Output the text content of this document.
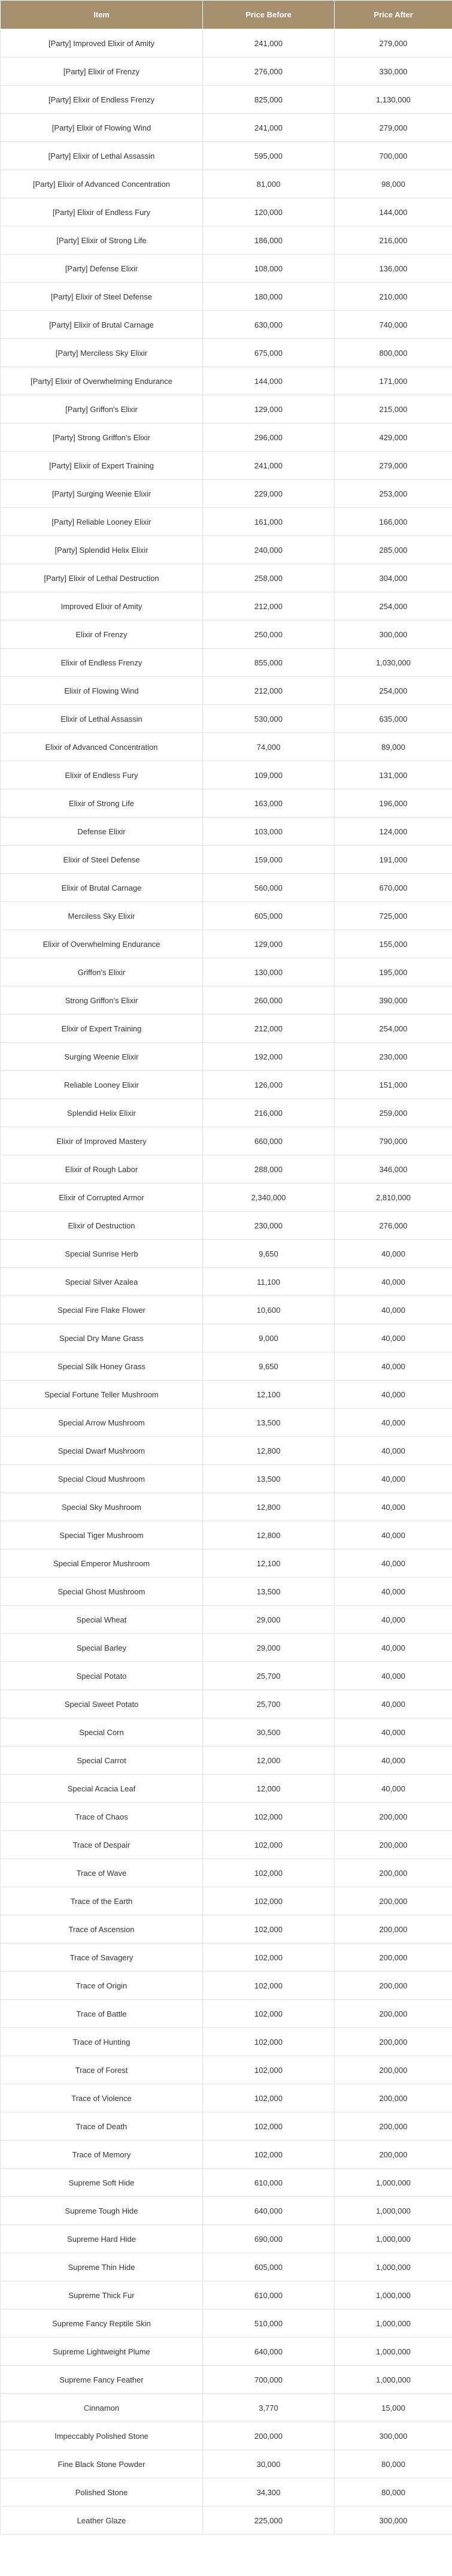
Item	Price Before	Price After
[Party] Improved Elixir of Amity	241,000	279,000
[Party] Elixir of Frenzy	276,000	330,000
[Party] Elixir of Endless Frenzy	825,000	1,130,000
[Party] Elixir of Flowing Wind	241,000	279,000
[Party] Elixir of Lethal Assassin	595,000	700,000
[Party] Elixir of Advanced Concentration	81,000	98,000
[Party] Elixir of Endless Fury	120,000	144,000
[Party] Elixir of Strong Life	186,000	216,000
[Party] Defense Elixir	108,000	136,000
[Party] Elixir of Steel Defense	180,000	210,000
[Party] Elixir of Brutal Carnage	630,000	740,000
[Party] Merciless Sky Elixir	675,000	800,000
[Party] Elixir of Overwhelming Endurance	144,000	171,000
[Party] Griffon's Elixir	129,000	215,000
[Party] Strong Griffon's Elixir	296,000	429,000
[Party] Elixir of Expert Training	241,000	279,000
[Party] Surging Weenie Elixir	229,000	253,000
[Party] Reliable Looney Elixir	161,000	166,000
[Party] Splendid Helix Elixir	240,000	285,000
[Party] Elixir of Lethal Destruction	258,000	304,000
Improved Elixir of Amity	212,000	254,000
Elixir of Frenzy	250,000	300,000
Elixir of Endless Frenzy	855,000	1,030,000
Elixir of Flowing Wind	212,000	254,000
Elixir of Lethal Assassin	530,000	635,000
Elixir of Advanced Concentration	74,000	89,000
Elixir of Endless Fury	109,000	131,000
Elixir of Strong Life	163,000	196,000
Defense Elixir	103,000	124,000
Elixir of Steel Defense	159,000	191,000
Elixir of Brutal Carnage	560,000	670,000
Merciless Sky Elixir	605,000	725,000
Elixir of Overwhelming Endurance	129,000	155,000
Griffon's Elixir	130,000	195,000
Strong Griffon's Elixir	260,000	390,000
Elixir of Expert Training	212,000	254,000
Surging Weenie Elixir	192,000	230,000
Reliable Looney Elixir	126,000	151,000
Splendid Helix Elixir	216,000	259,000
Elixir of Improved Mastery	660,000	790,000
Elixir of Rough Labor	288,000	346,000
Elixir of Corrupted Armor	2,340,000	2,810,000
Elixir of Destruction	230,000	276,000
Special Sunrise Herb	9,650	40,000
Special Silver Azalea	11,100	40,000
Special Fire Flake Flower	10,600	40,000
Special Dry Mane Grass	9,000	40,000
Special Silk Honey Grass	9,650	40,000
Special Fortune Teller Mushroom	12,100	40,000
Special Arrow Mushroom	13,500	40,000
Special Dwarf Mushroom	12,800	40,000
Special Cloud Mushroom	13,500	40,000
Special Sky Mushroom	12,800	40,000
Special Tiger Mushroom	12,800	40,000
Special Emperor Mushroom	12,100	40,000
Special Ghost Mushroom	13,500	40,000
Special Wheat	29,000	40,000
Special Barley	29,000	40,000
Special Potato	25,700	40,000
Special Sweet Potato	25,700	40,000
Special Corn	30,500	40,000
Special Carrot	12,000	40,000
Special Acacia Leaf	12,000	40,000
Trace of Chaos	102,000	200,000
Trace of Despair	102,000	200,000
Trace of Wave	102,000	200,000
Trace of the Earth	102,000	200,000
Trace of Ascension	102,000	200,000
Trace of Savagery	102,000	200,000
Trace of Origin	102,000	200,000
Trace of Battle	102,000	200,000
Trace of Hunting	102,000	200,000
Trace of Forest	102,000	200,000
Trace of Violence	102,000	200,000
Trace of Death	102,000	200,000
Trace of Memory	102,000	200,000
Supreme Soft Hide	610,000	1,000,000
Supreme Tough Hide	640,000	1,000,000
Supreme Hard Hide	690,000	1,000,000
Supreme Thin Hide	605,000	1,000,000
Supreme Thick Fur	610,000	1,000,000
Supreme Fancy Reptile Skin	510,000	1,000,000
Supreme Lightweight Plume	640,000	1,000,000
Supreme Fancy Feather	700,000	1,000,000
Cinnamon	3,770	15,000
Impeccably Polished Stone	200,000	300,000
Fine Black Stone Powder	30,000	80,000
Polished Stone	34,300	80,000
Leather Glaze	225,000	300,000
